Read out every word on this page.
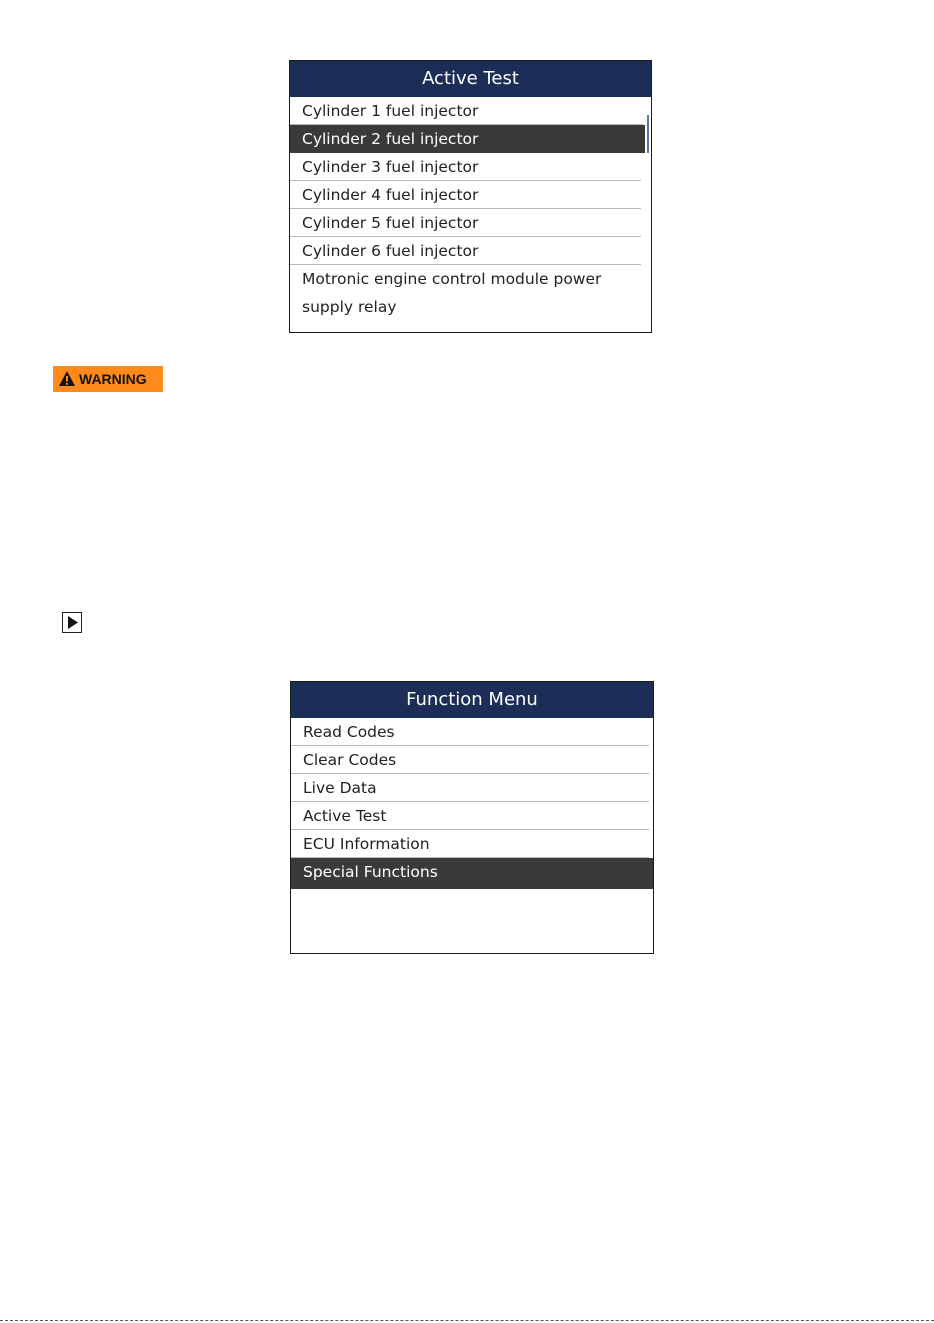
Active Test
Cylinder 1 fuel injector
Cylinder 2 fuel injector
Cylinder 3 fuel injector
Cylinder 4 fuel injector
Cylinder 5 fuel injector
Cylinder 6 fuel injector
Motronic engine control module power supply relay
WARNING
Function Menu
Read Codes
Clear Codes
Live Data
Active Test
ECU Information
Special Functions
